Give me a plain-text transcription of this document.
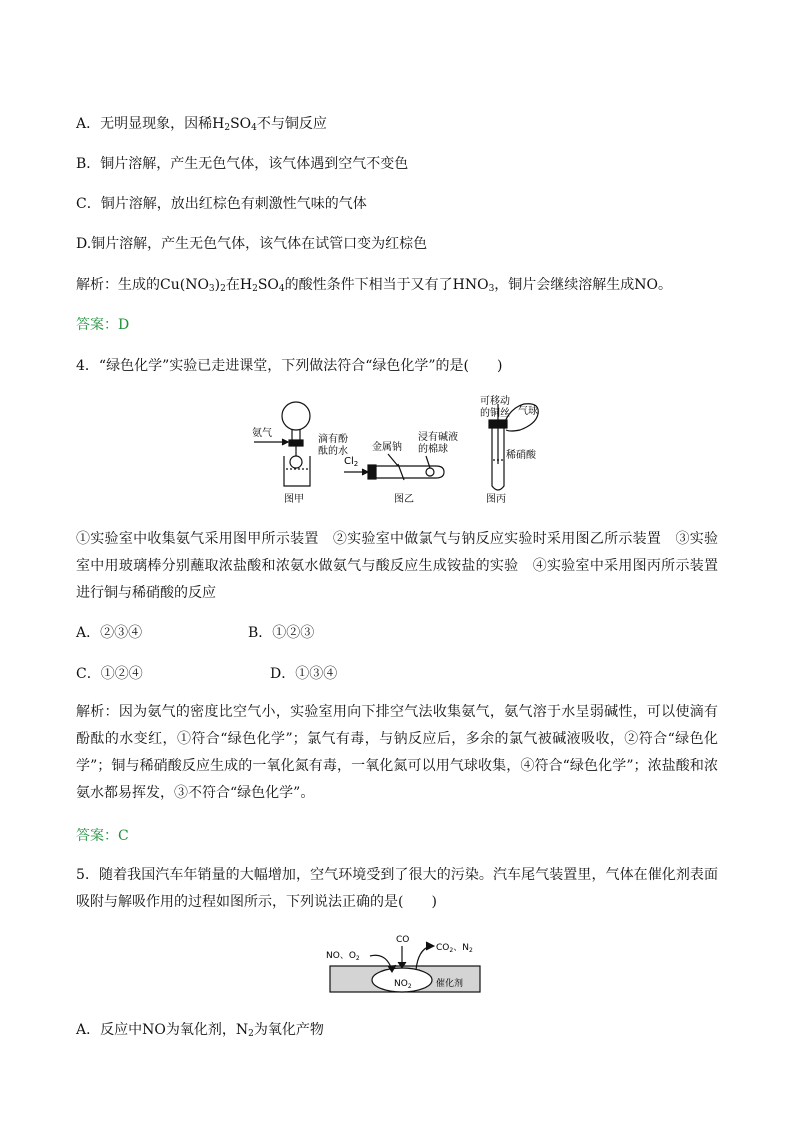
A．无明显现象，因稀$H_2SO_4$不与铜反应
B．铜片溶解，产生无色气体，该气体遇到空气不变色
C．铜片溶解，放出红棕色有刺激性气味的气体
D.铜片溶解，产生无色气体，该气体在试管口变为红棕色
解析：生成的$Cu(NO_3)_2$在$H_2SO_4$的酸性条件下相当于又有了$HNO_3$，铜片会继续溶解生成NO。
答案：D
4．“绿色化学”实验已走进课堂，下列做法符合“绿色化学”的是(　　)
氨气
滴有酚
酞的水
图甲
$Cl_2$
金属钠
浸有碱液
的棉球
图乙
可移动
的铜丝 气球
稀硝酸
图丙
①实验室中收集氨气采用图甲所示装置　②实验室中做氯气与钠反应实验时采用图乙所示装置　③实验室中用玻璃棒分别蘸取浓盐酸和浓氨水做氨气与酸反应生成铵盐的实验　④实验室中采用图丙所示装置进行铜与稀硝酸的反应
A．②③④	B．①②③
C．①②④	D．①③④
解析：因为氨气的密度比空气小，实验室用向下排空气法收集氨气，氨气溶于水呈弱碱性，可以使滴有酚酞的水变红，①符合“绿色化学”；氯气有毒，与钠反应后，多余的氯气被碱液吸收，②符合“绿色化学”；铜与稀硝酸反应生成的一氧化氮有毒，一氧化氮可以用气球收集，④符合“绿色化学”；浓盐酸和浓氨水都易挥发，③不符合“绿色化学”。
答案：C
5．随着我国汽车年销量的大幅增加，空气环境受到了很大的污染。汽车尾气装置里，气体在催化剂表面吸附与解吸作用的过程如图所示，下列说法正确的是(　　)
NO、$O_2$
CO
$CO_2$、$N_2$
$NO_2$	催化剂
A．反应中NO为氧化剂，$N_2$为氧化产物
